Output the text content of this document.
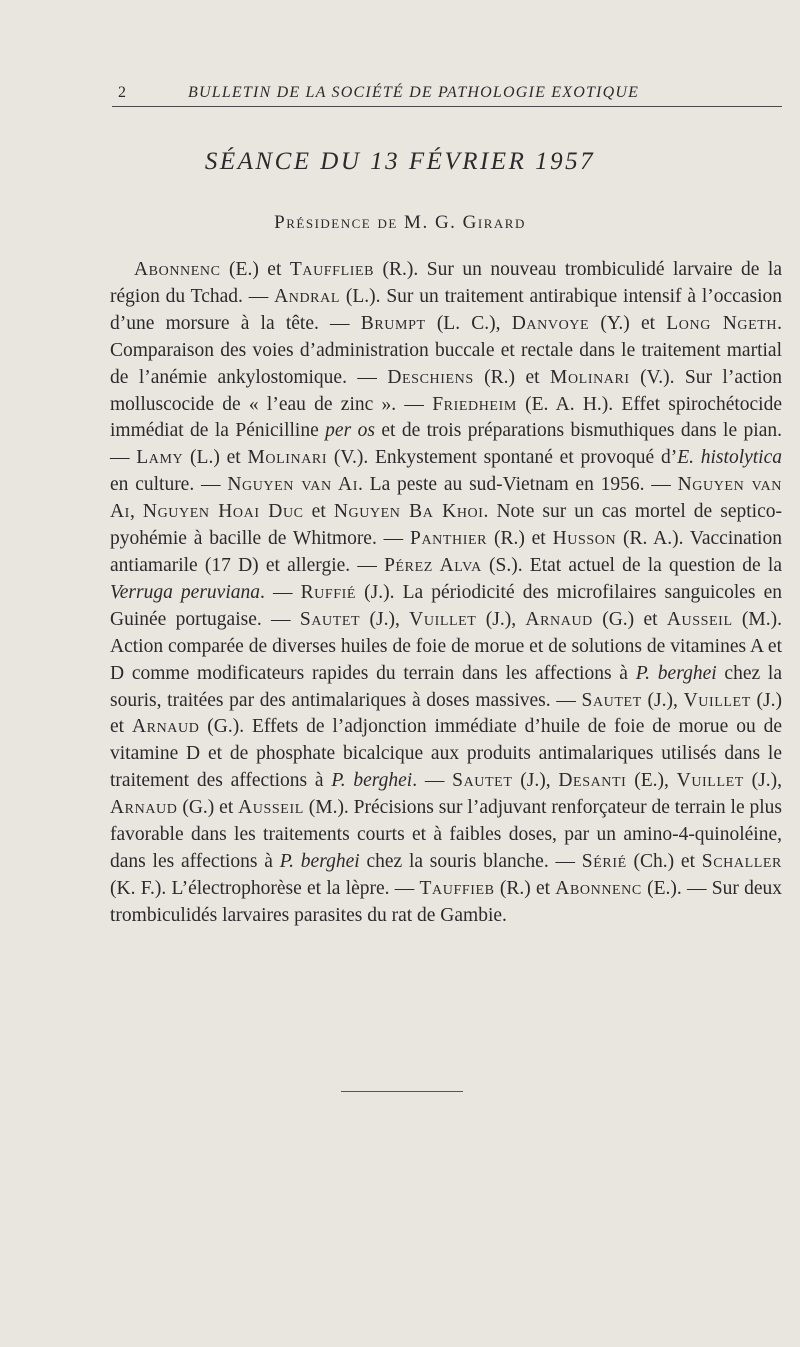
2	BULLETIN DE LA SOCIÉTÉ DE PATHOLOGIE EXOTIQUE
SÉANCE DU 13 FÉVRIER 1957
Présidence de M. G. Girard

Abonnenc (E.) et Taufflieb (R.). Sur un nouveau trombiculidé larvaire de la région du Tchad. — Andral (L.). Sur un traitement antirabique intensif à l’occasion d’une morsure à la tête. — Brumpt (L. C.), Danvoye (Y.) et Long Ngeth. Comparaison des voies d’administration buccale et rectale dans le traitement martial de l’anémie ankylostomique. — Deschiens (R.) et Molinari (V.). Sur l’action molluscocide de « l’eau de zinc ». — Friedheim (E. A. H.). Effet spirochétocide immédiat de la Pénicilline per os et de trois préparations bismuthiques dans le pian. — Lamy (L.) et Molinari (V.). Enkystement spontané et provoqué d’E. histolytica en culture. — Nguyen van Ai. La peste au sud-Vietnam en 1956. — Nguyen van Ai, Nguyen Hoai Duc et Nguyen Ba Khoi. Note sur un cas mortel de septico-pyohémie à bacille de Whitmore. — Panthier (R.) et Husson (R. A.). Vaccination antiamarile (17 D) et allergie. — Pérez Alva (S.). Etat actuel de la question de la Verruga peruviana. — Ruffié (J.). La périodicité des microfilaires sanguicoles en Guinée portugaise. — Sautet (J.), Vuillet (J.), Arnaud (G.) et Ausseil (M.). Action comparée de diverses huiles de foie de morue et de solutions de vitamines A et D comme modificateurs rapides du terrain dans les affections à P. berghei chez la souris, traitées par des antimalariques à doses massives. — Sautet (J.), Vuillet (J.) et Arnaud (G.). Effets de l’adjonction immédiate d’huile de foie de morue ou de vitamine D et de phosphate bicalcique aux produits antimalariques utilisés dans le traitement des affections à P. berghei. — Sautet (J.), Desanti (E.), Vuillet (J.), Arnaud (G.) et Ausseil (M.). Précisions sur l’adjuvant renforçateur de terrain le plus favorable dans les traitements courts et à faibles doses, par un amino-4-quinoléine, dans les affections à P. berghei chez la souris blanche. — Sérié (Ch.) et Schaller (K. F.). L’électrophorèse et la lèpre. — Tauffieb (R.) et Abonnenc (E.). — Sur deux trombiculidés larvaires parasites du rat de Gambie.
